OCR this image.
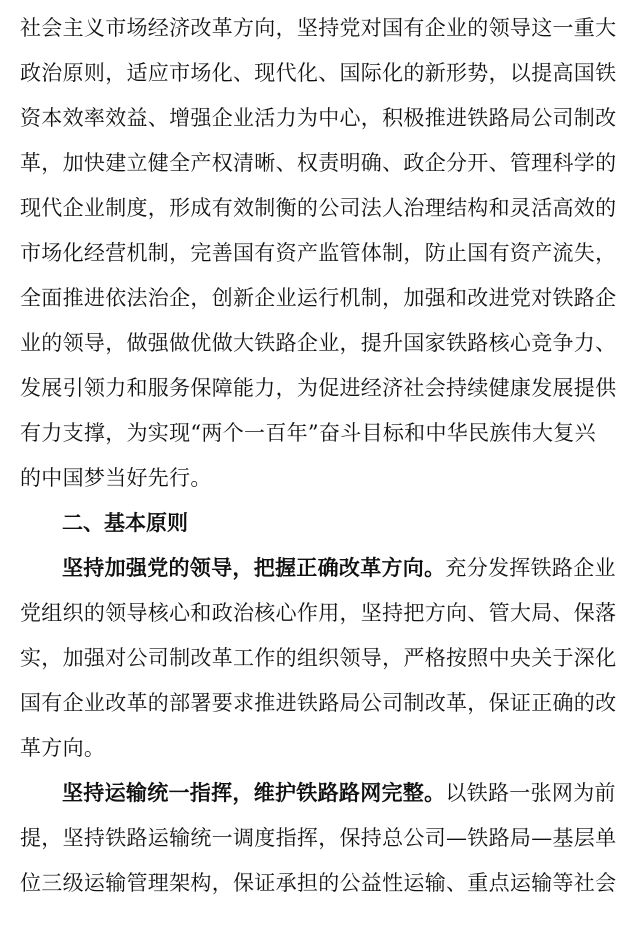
社会主义市场经济改革方向，坚持党对国有企业的领导这一重大
政治原则，适应市场化、现代化、国际化的新形势，以提高国铁
资本效率效益、增强企业活力为中心，积极推进铁路局公司制改
革，加快建立健全产权清晰、权责明确、政企分开、管理科学的
现代企业制度，形成有效制衡的公司法人治理结构和灵活高效的
市场化经营机制，完善国有资产监管体制，防止国有资产流失，
全面推进依法治企，创新企业运行机制，加强和改进党对铁路企
业的领导，做强做优做大铁路企业，提升国家铁路核心竞争力、
发展引领力和服务保障能力，为促进经济社会持续健康发展提供
有力支撑，为实现“两个一百年”奋斗目标和中华民族伟大复兴
的中国梦当好先行。
二、基本原则
坚持加强党的领导，把握正确改革方向。充分发挥铁路企业
党组织的领导核心和政治核心作用，坚持把方向、管大局、保落
实，加强对公司制改革工作的组织领导，严格按照中央关于深化
国有企业改革的部署要求推进铁路局公司制改革，保证正确的改
革方向。
坚持运输统一指挥，维护铁路路网完整。以铁路一张网为前
提，坚持铁路运输统一调度指挥，保持总公司—铁路局—基层单
位三级运输管理架构，保证承担的公益性运输、重点运输等社会
